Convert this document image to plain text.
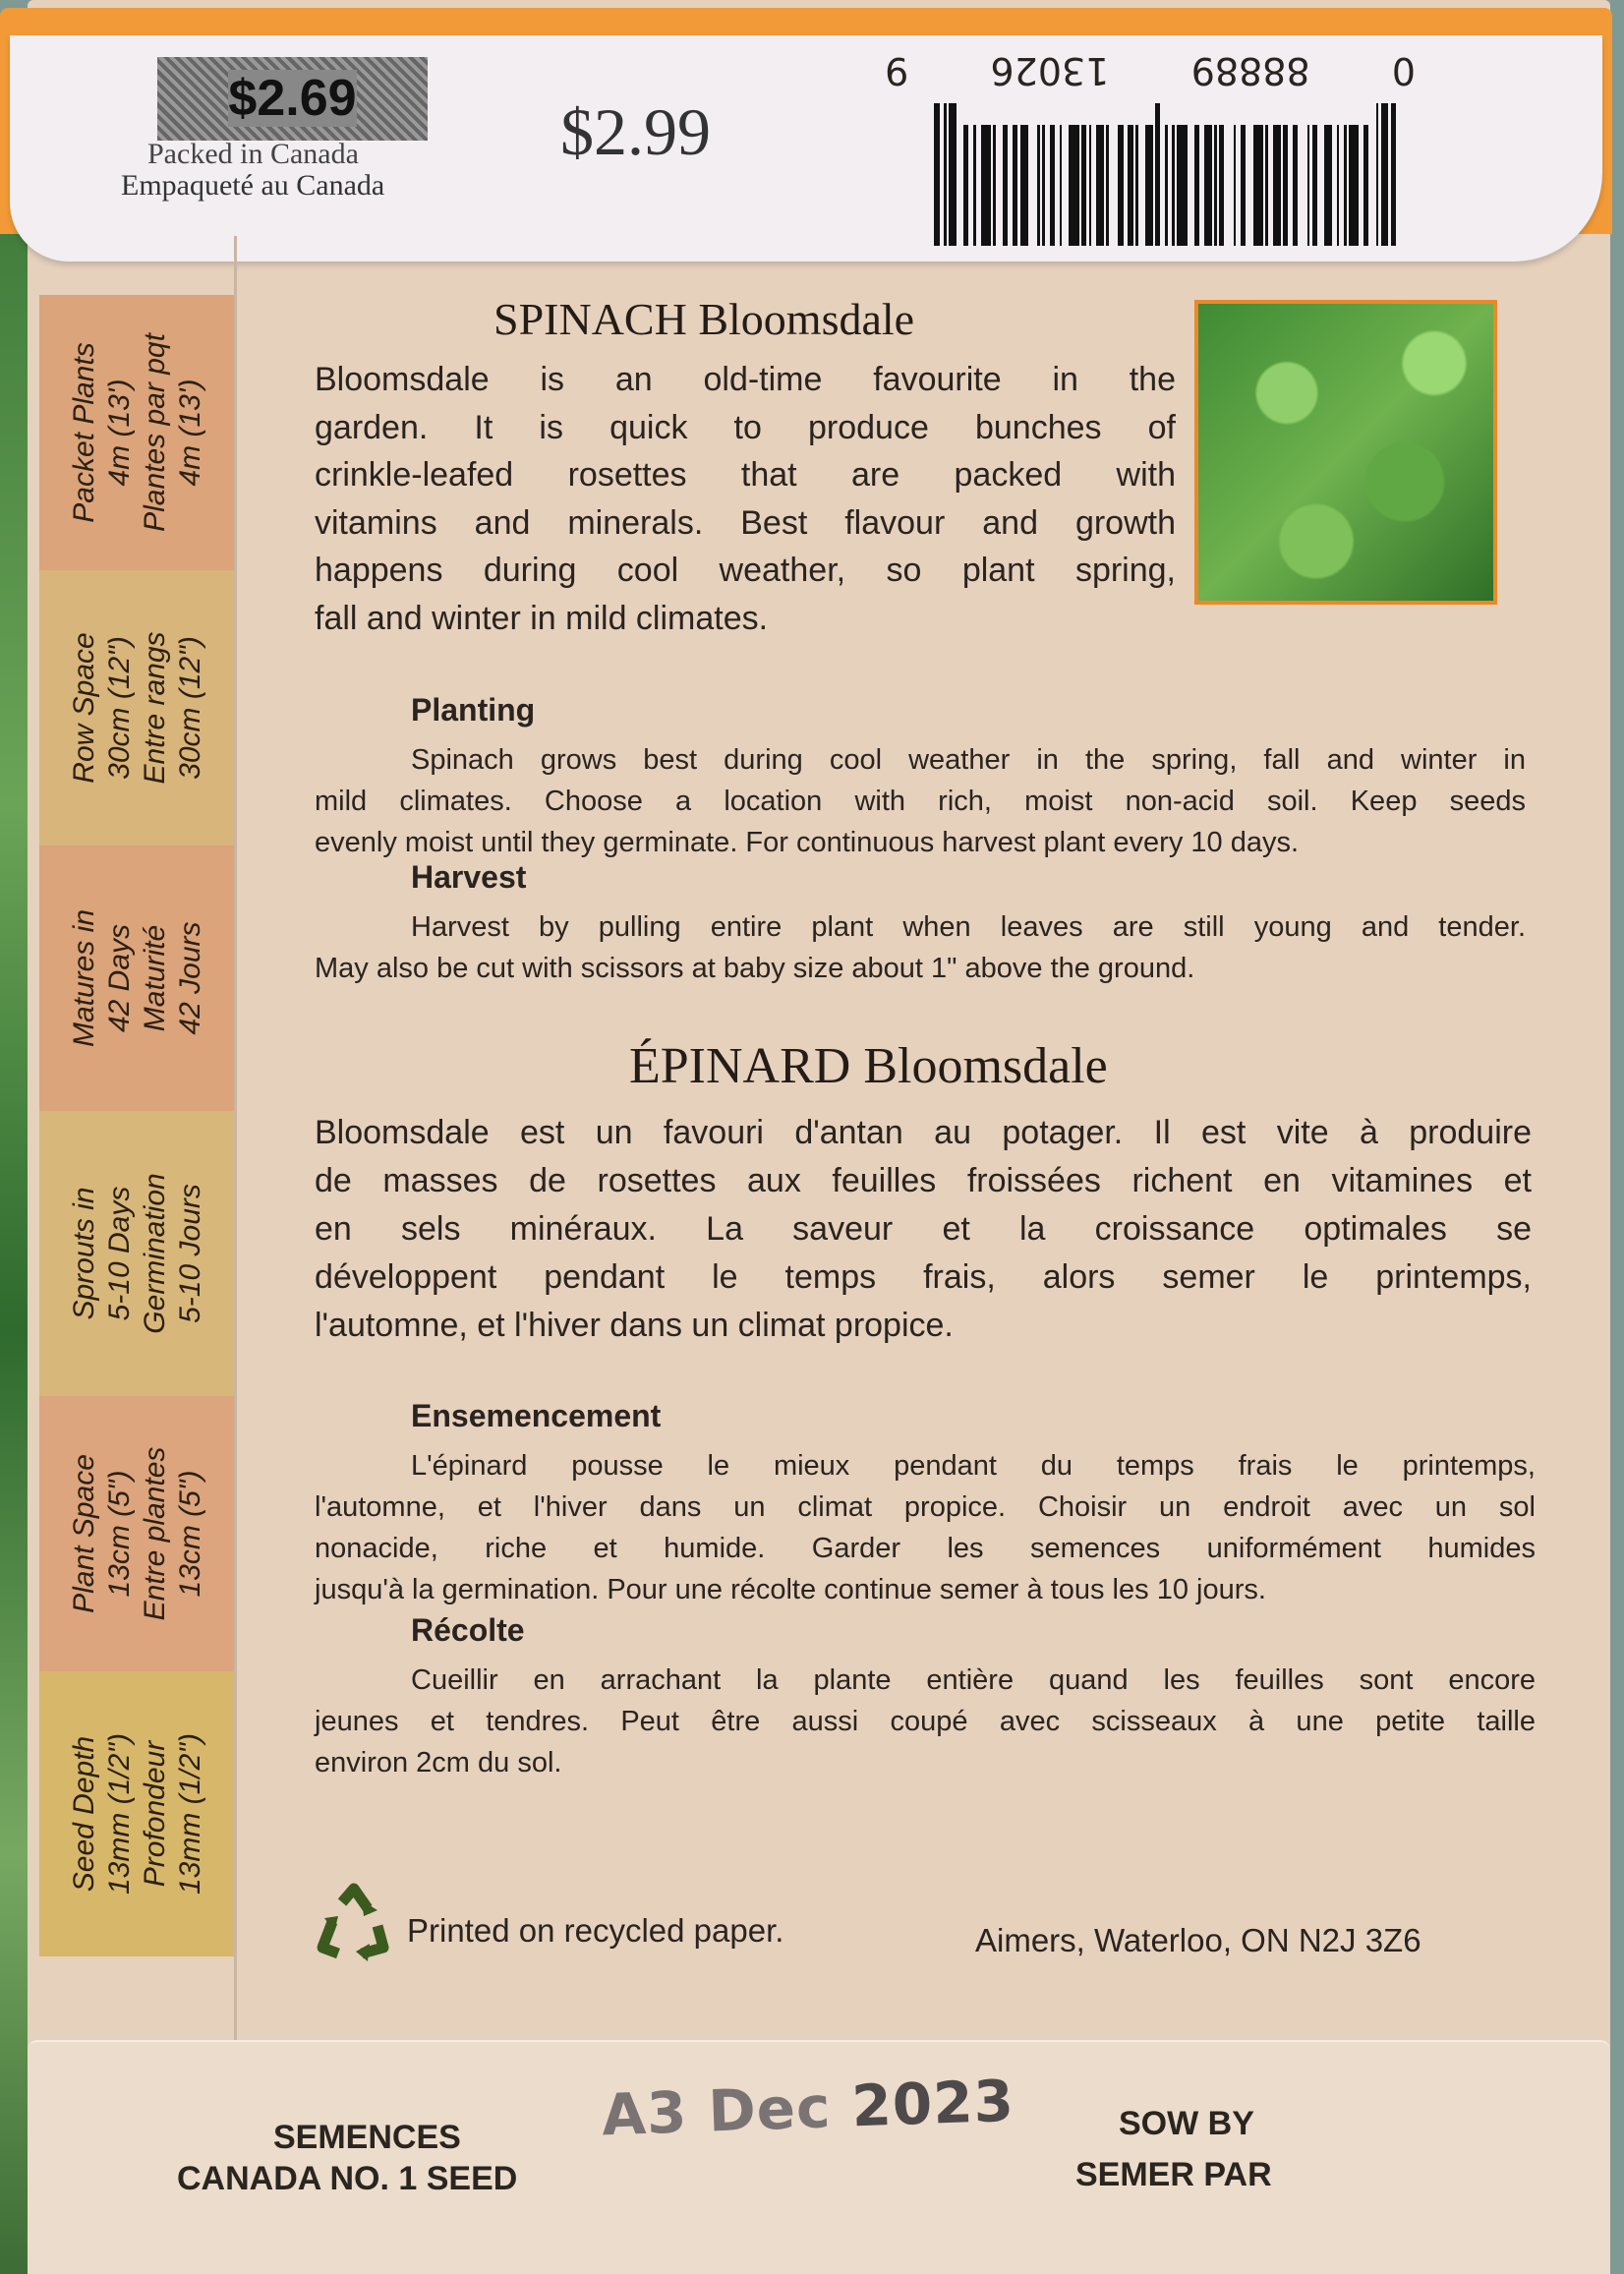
$2.69
Packed in Canada
Empaqueté au Canada
$2.99
0
88889
13026
9
Packet Plants 4m (13') Plantes par pqt 4m (13')
Row Space 30cm (12") Entre rangs 30cm (12")
Matures in 42 Days Maturité 42 Jours
Sprouts in 5-10 Days Germination 5-10 Jours
Plant Space 13cm (5") Entre plantes 13cm (5")
Seed Depth 13mm (1/2") Profondeur 13mm (1/2")
SPINACH Bloomsdale
Bloomsdale is an old-time favourite in the
garden. It is quick to produce bunches of
crinkle-leafed rosettes that are packed with
vitamins and minerals. Best flavour and growth
happens during cool weather, so plant spring,
fall and winter in mild climates.
Planting
Spinach grows best during cool weather in the spring, fall and winter in
mild climates. Choose a location with rich, moist non-acid soil. Keep seeds
evenly moist until they germinate. For continuous harvest plant every 10 days.
Harvest
Harvest by pulling entire plant when leaves are still young and tender.
May also be cut with scissors at baby size about 1" above the ground.
ÉPINARD Bloomsdale
Bloomsdale est un favouri d'antan au potager. Il est vite à produire
de masses de rosettes aux feuilles froissées richent en vitamines et
en sels minéraux. La saveur et la croissance optimales se
développent pendant le temps frais, alors semer le printemps,
l'automne, et l'hiver dans un climat propice.
Ensemencement
L'épinard pousse le mieux pendant du temps frais le printemps,
l'automne, et l'hiver dans un climat propice. Choisir un endroit avec un sol
nonacide, riche et humide. Garder les semences uniformément humides
jusqu'à la germination. Pour une récolte continue semer à tous les 10 jours.
Récolte
Cueillir en arrachant la plante entière quand les feuilles sont encore
jeunes et tendres. Peut être aussi coupé avec scisseaux à une petite taille
environ 2cm du sol.
Printed on recycled paper.	Aimers, Waterloo, ON N2J 3Z6
SEMENCES
CANADA NO. 1 SEED
A3 Dec 2023	SOW BY
SEMER PAR
